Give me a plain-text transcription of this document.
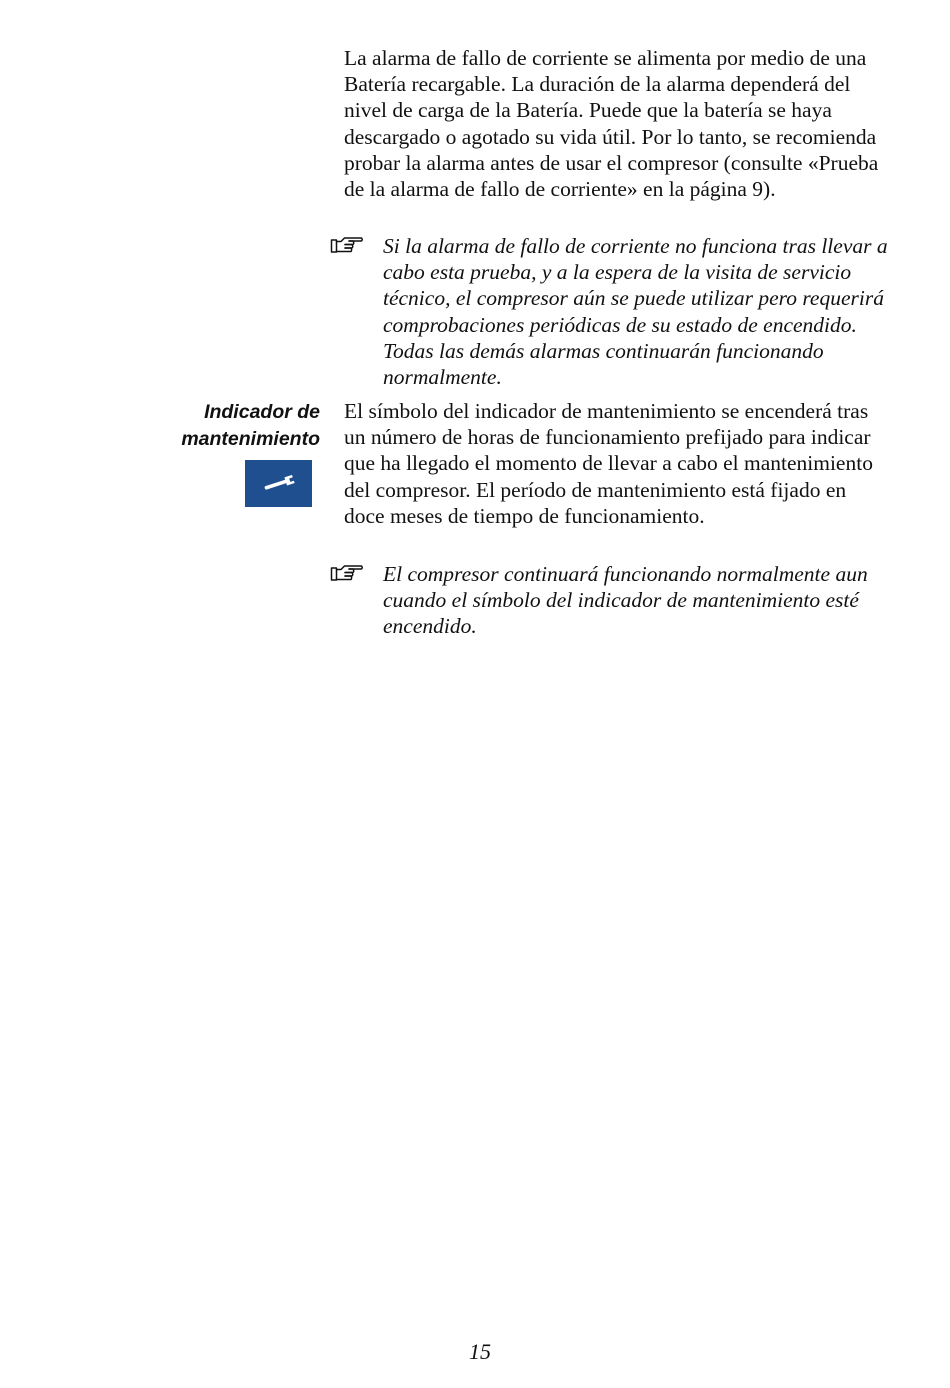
La alarma de fallo de corriente se alimenta por medio de una Batería recargable. La duración de la alarma dependerá del nivel de carga de la Batería. Puede que la batería se haya descargado o agotado su vida útil. Por lo tanto, se recomienda probar la alarma antes de usar el compresor (consulte «Prueba de la alarma de fallo de corriente» en la página 9).

Si la alarma de fallo de corriente no funciona tras llevar a cabo esta prueba, y a la espera de la visita de servicio técnico, el compresor aún se puede utilizar pero requerirá comprobaciones periódicas de su estado de encendido. Todas las demás alarmas continuarán funcionando normalmente.

Indicador de
mantenimiento

El símbolo del indicador de mantenimiento se encenderá tras un número de horas de funcionamiento prefijado para indicar que ha llegado el momento de llevar a cabo el mantenimiento del compresor. El período de mantenimiento está fijado en doce meses de tiempo de funcionamiento.

El compresor continuará funcionando normalmente aun cuando el símbolo del indicador de mantenimiento esté encendido.

15
